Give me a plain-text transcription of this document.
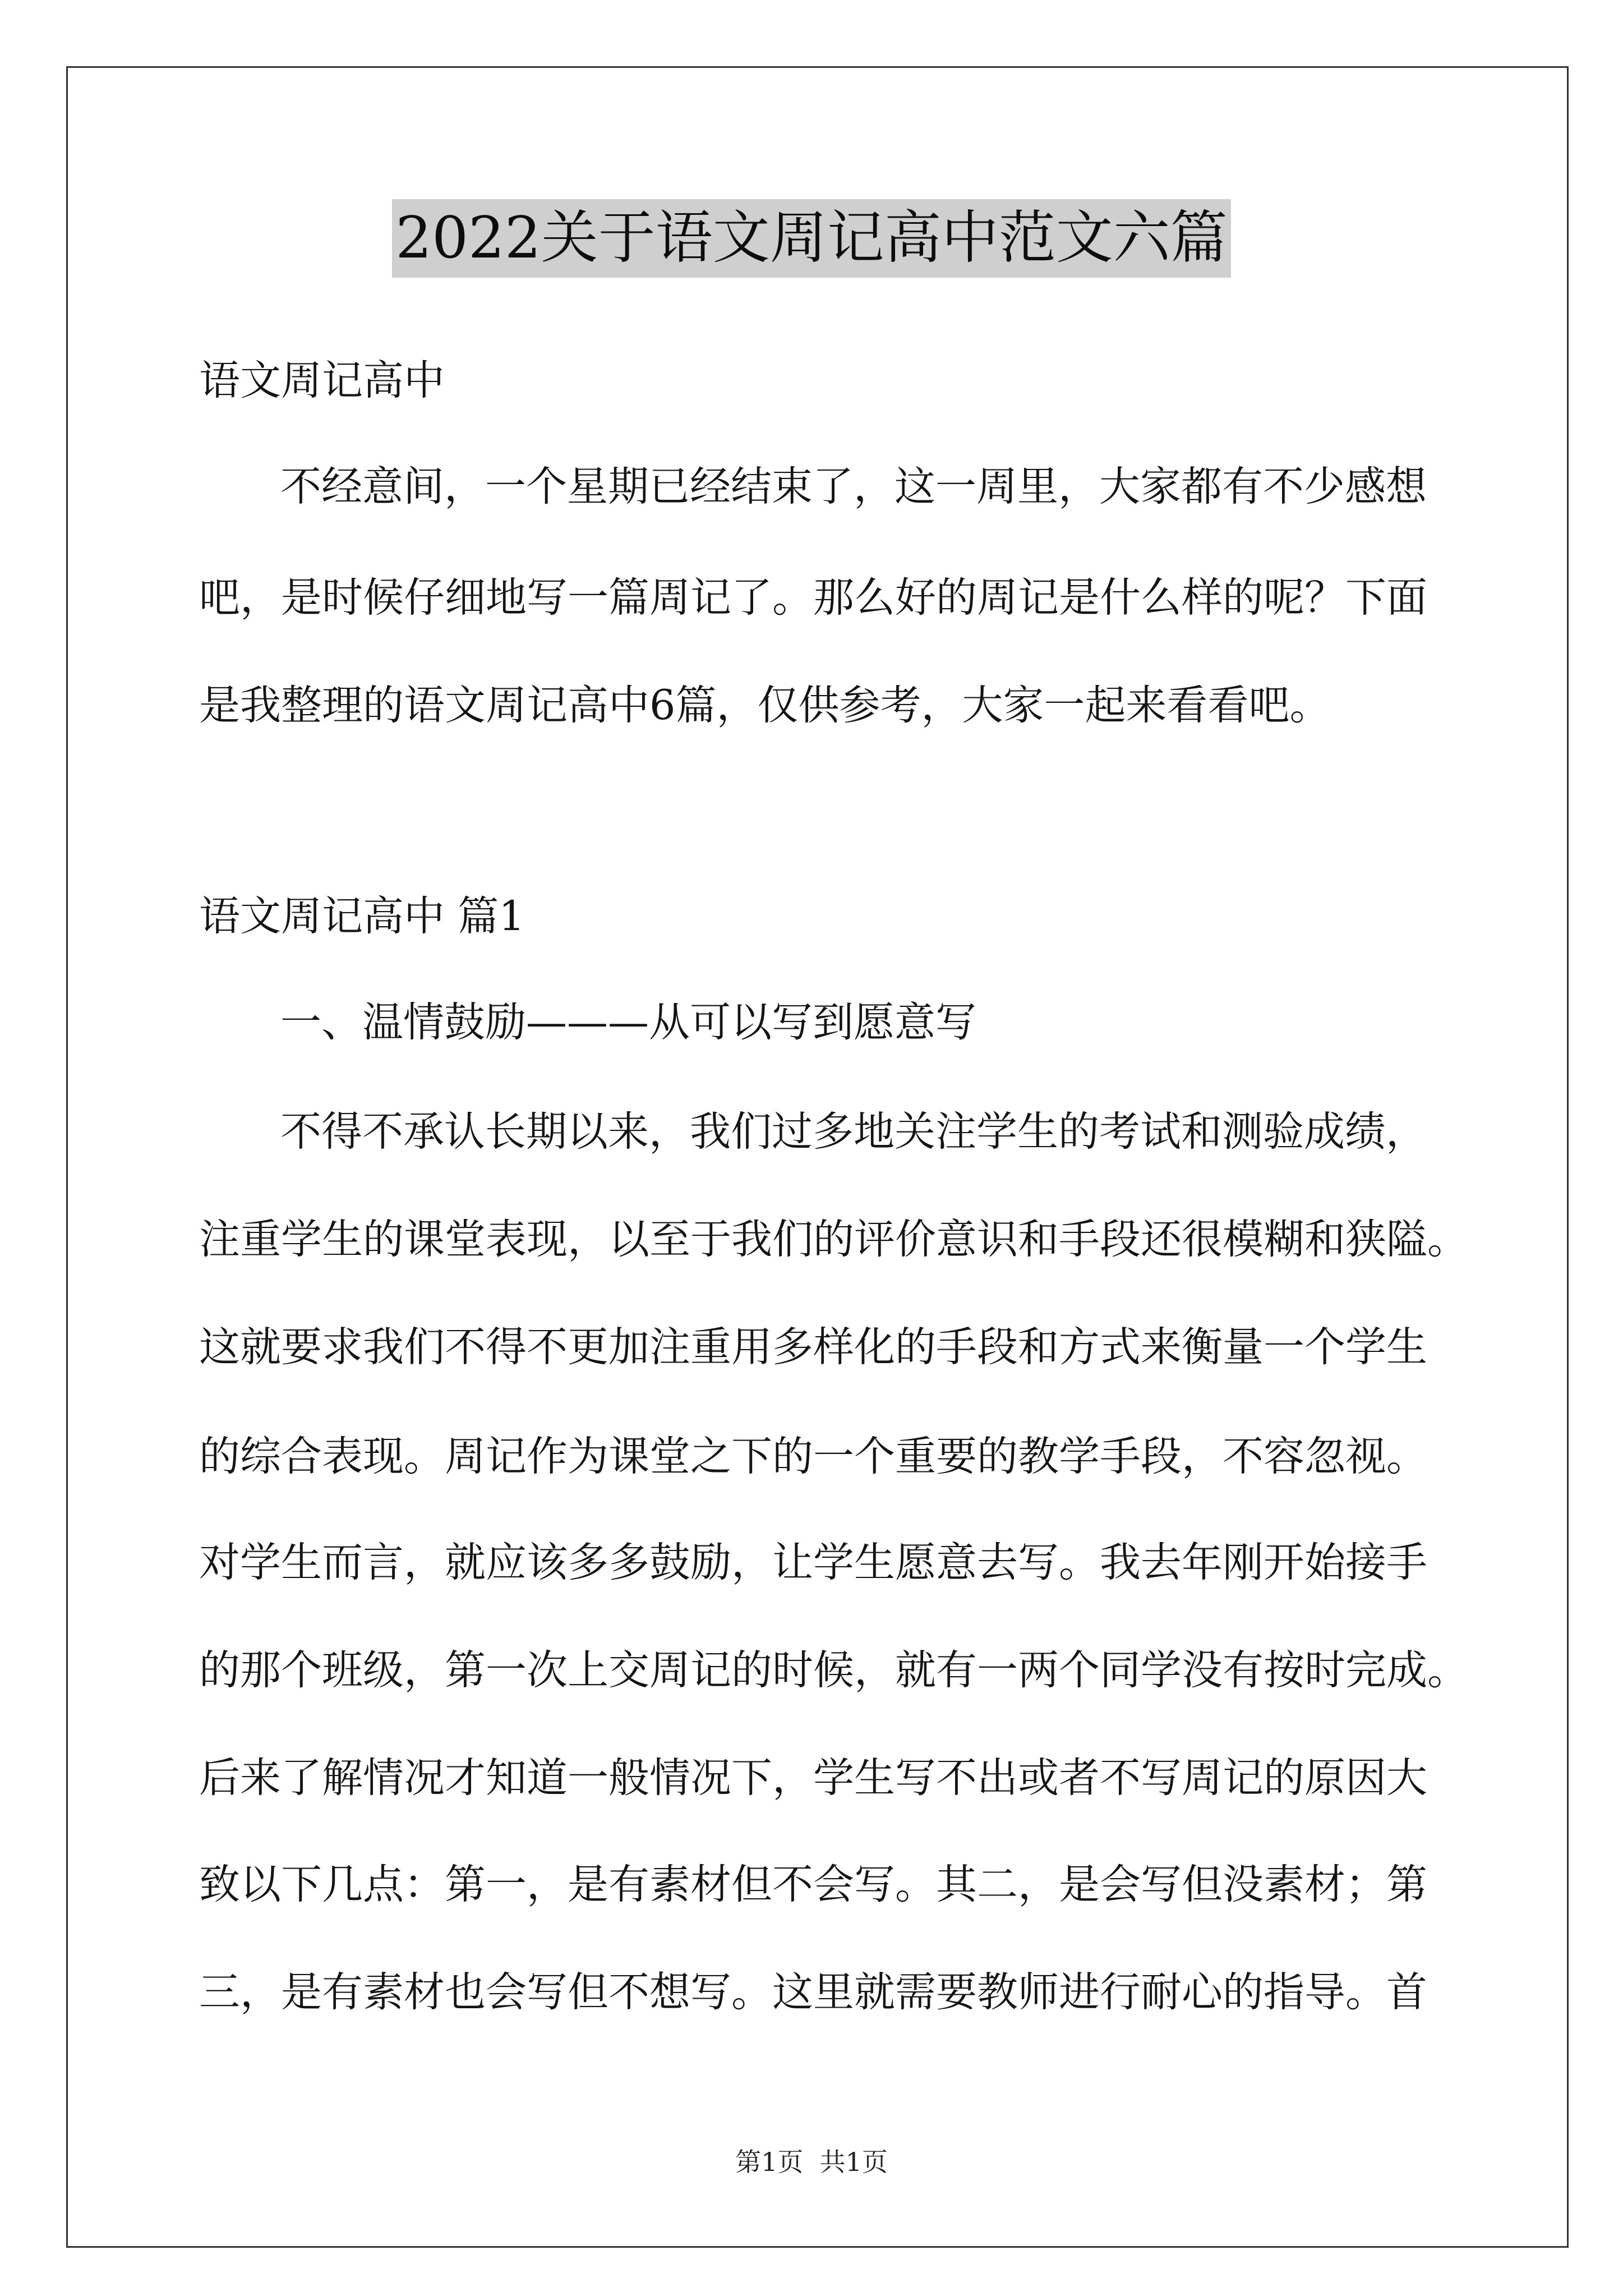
2022关于语文周记高中范文六篇
语文周记高中
不经意间，一个星期已经结束了，这一周里，大家都有不少感想
吧，是时候仔细地写一篇周记了。那么好的周记是什么样的呢？下面
是我整理的语文周记高中6篇，仅供参考，大家一起来看看吧。
语文周记高中 篇1
一、温情鼓励———从可以写到愿意写
不得不承认长期以来，我们过多地关注学生的考试和测验成绩，
注重学生的课堂表现，以至于我们的评价意识和手段还很模糊和狭隘。
这就要求我们不得不更加注重用多样化的手段和方式来衡量一个学生
的综合表现。周记作为课堂之下的一个重要的教学手段，不容忽视。
对学生而言，就应该多多鼓励，让学生愿意去写。我去年刚开始接手
的那个班级，第一次上交周记的时候，就有一两个同学没有按时完成。
后来了解情况才知道一般情况下，学生写不出或者不写周记的原因大
致以下几点：第一，是有素材但不会写。其二，是会写但没素材；第
三，是有素材也会写但不想写。这里就需要教师进行耐心的指导。首
第1页  共1页
